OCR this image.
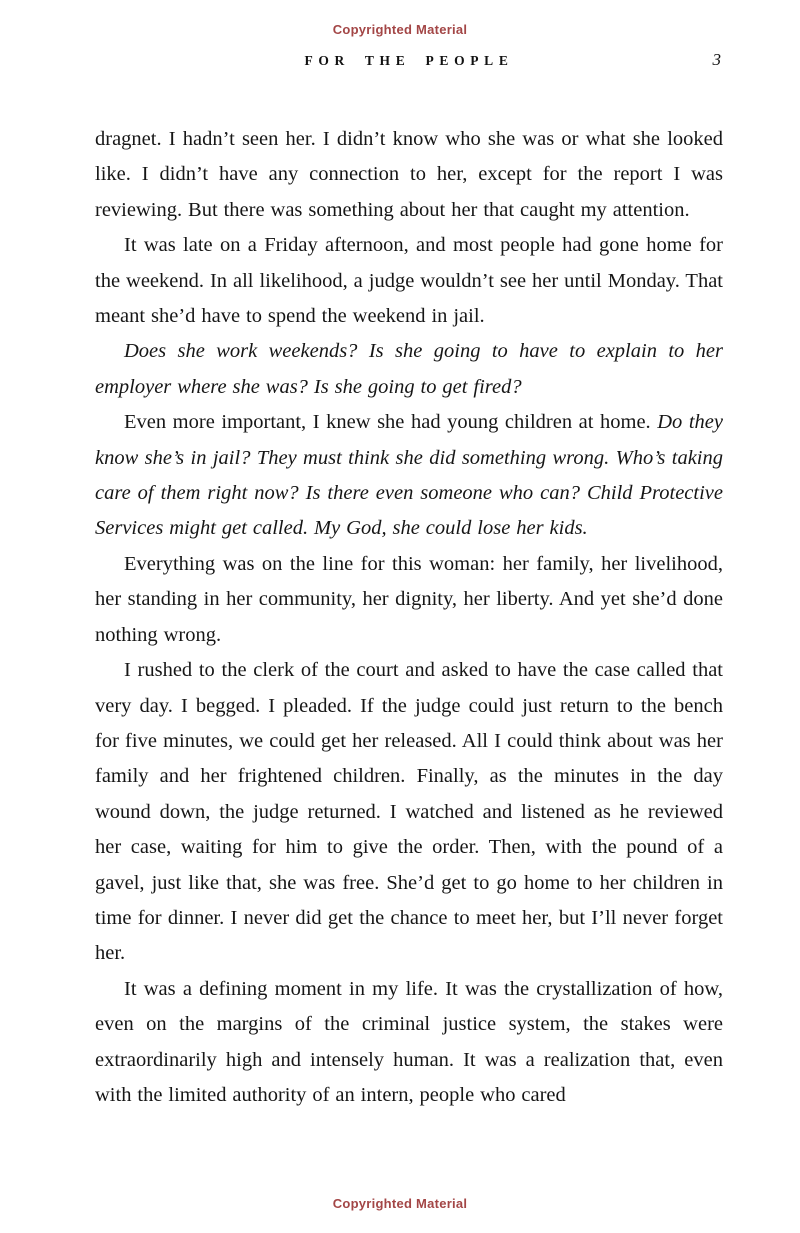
Copyrighted Material
FOR THE PEOPLE	3

dragnet. I hadn’t seen her. I didn’t know who she was or what she looked like. I didn’t have any connection to her, except for the report I was reviewing. But there was something about her that caught my attention.

It was late on a Friday afternoon, and most people had gone home for the weekend. In all likelihood, a judge wouldn’t see her until Monday. That meant she’d have to spend the weekend in jail.

Does she work weekends? Is she going to have to explain to her employer where she was? Is she going to get fired?

Even more important, I knew she had young children at home. Do they know she’s in jail? They must think she did something wrong. Who’s taking care of them right now? Is there even someone who can? Child Protective Services might get called. My God, she could lose her kids.

Everything was on the line for this woman: her family, her livelihood, her standing in her community, her dignity, her liberty. And yet she’d done nothing wrong.

I rushed to the clerk of the court and asked to have the case called that very day. I begged. I pleaded. If the judge could just return to the bench for five minutes, we could get her released. All I could think about was her family and her frightened children. Finally, as the minutes in the day wound down, the judge returned. I watched and listened as he reviewed her case, waiting for him to give the order. Then, with the pound of a gavel, just like that, she was free. She’d get to go home to her children in time for dinner. I never did get the chance to meet her, but I’ll never forget her.

It was a defining moment in my life. It was the crystallization of how, even on the margins of the criminal justice system, the stakes were extraordinarily high and intensely human. It was a realization that, even with the limited authority of an intern, people who cared

Copyrighted Material
